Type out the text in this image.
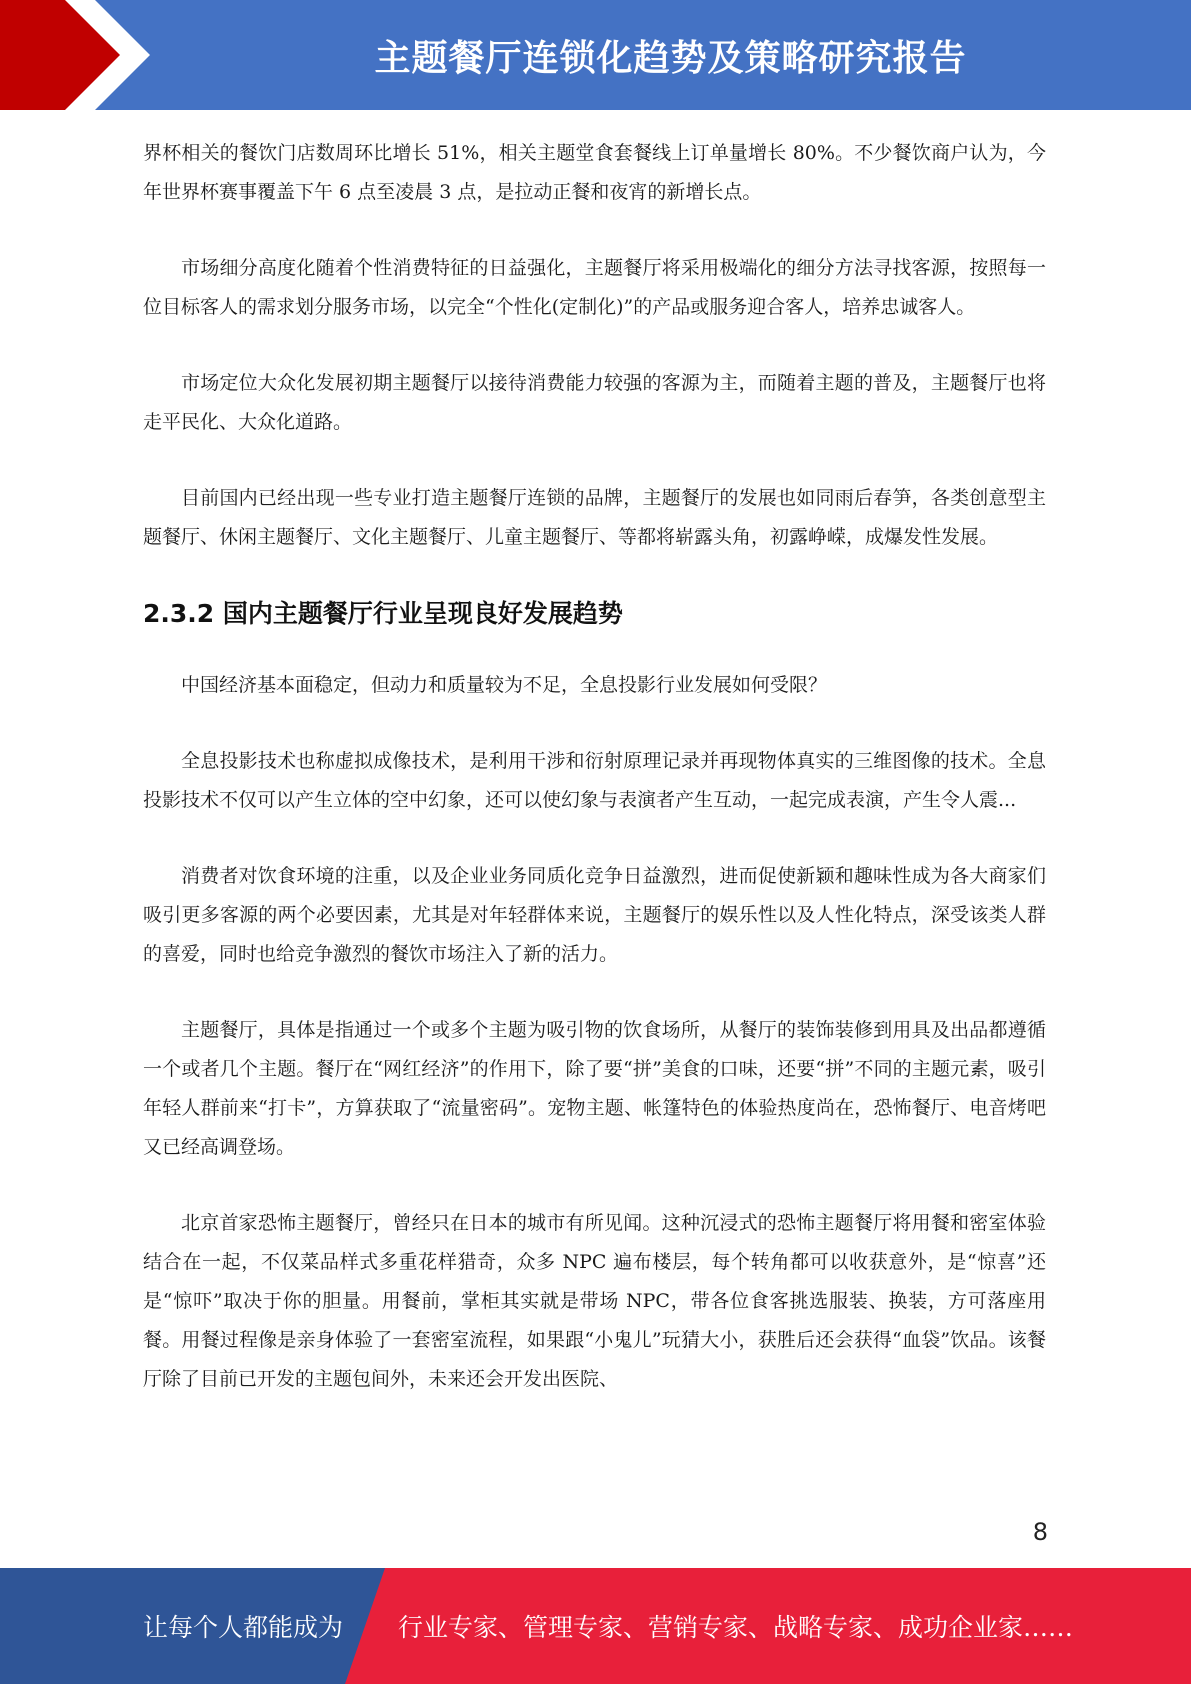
主题餐厅连锁化趋势及策略研究报告

界杯相关的餐饮门店数周环比增长 51%，相关主题堂食套餐线上订单量增长 80%。不少餐饮商户认为，今年世界杯赛事覆盖下午 6 点至凌晨 3 点，是拉动正餐和夜宵的新增长点。

市场细分高度化随着个性消费特征的日益强化，主题餐厅将采用极端化的细分方法寻找客源，按照每一位目标客人的需求划分服务市场，以完全“个性化(定制化)”的产品或服务迎合客人，培养忠诚客人。

市场定位大众化发展初期主题餐厅以接待消费能力较强的客源为主，而随着主题的普及，主题餐厅也将走平民化、大众化道路。

目前国内已经出现一些专业打造主题餐厅连锁的品牌，主题餐厅的发展也如同雨后春笋，各类创意型主题餐厅、休闲主题餐厅、文化主题餐厅、儿童主题餐厅、等都将崭露头角，初露峥嵘，成爆发性发展。

2.3.2 国内主题餐厅行业呈现良好发展趋势

中国经济基本面稳定，但动力和质量较为不足，全息投影行业发展如何受限？

全息投影技术也称虚拟成像技术，是利用干涉和衍射原理记录并再现物体真实的三维图像的技术。全息投影技术不仅可以产生立体的空中幻象，还可以使幻象与表演者产生互动，一起完成表演，产生令人震...

消费者对饮食环境的注重，以及企业业务同质化竞争日益激烈，进而促使新颖和趣味性成为各大商家们吸引更多客源的两个必要因素，尤其是对年轻群体来说，主题餐厅的娱乐性以及人性化特点，深受该类人群的喜爱，同时也给竞争激烈的餐饮市场注入了新的活力。

主题餐厅，具体是指通过一个或多个主题为吸引物的饮食场所，从餐厅的装饰装修到用具及出品都遵循一个或者几个主题。餐厅在“网红经济”的作用下，除了要“拼”美食的口味，还要“拼”不同的主题元素，吸引年轻人群前来“打卡”，方算获取了“流量密码”。宠物主题、帐篷特色的体验热度尚在，恐怖餐厅、电音烤吧又已经高调登场。

北京首家恐怖主题餐厅，曾经只在日本的城市有所见闻。这种沉浸式的恐怖主题餐厅将用餐和密室体验结合在一起，不仅菜品样式多重花样猎奇，众多 NPC 遍布楼层，每个转角都可以收获意外，是“惊喜”还是“惊吓”取决于你的胆量。用餐前，掌柜其实就是带场 NPC，带各位食客挑选服装、换装，方可落座用餐。用餐过程像是亲身体验了一套密室流程，如果跟“小鬼儿”玩猜大小，获胜后还会获得“血袋”饮品。该餐厅除了目前已开发的主题包间外，未来还会开发出医院、

8
让每个人都能成为 行业专家、管理专家、营销专家、战略专家、成功企业家……
